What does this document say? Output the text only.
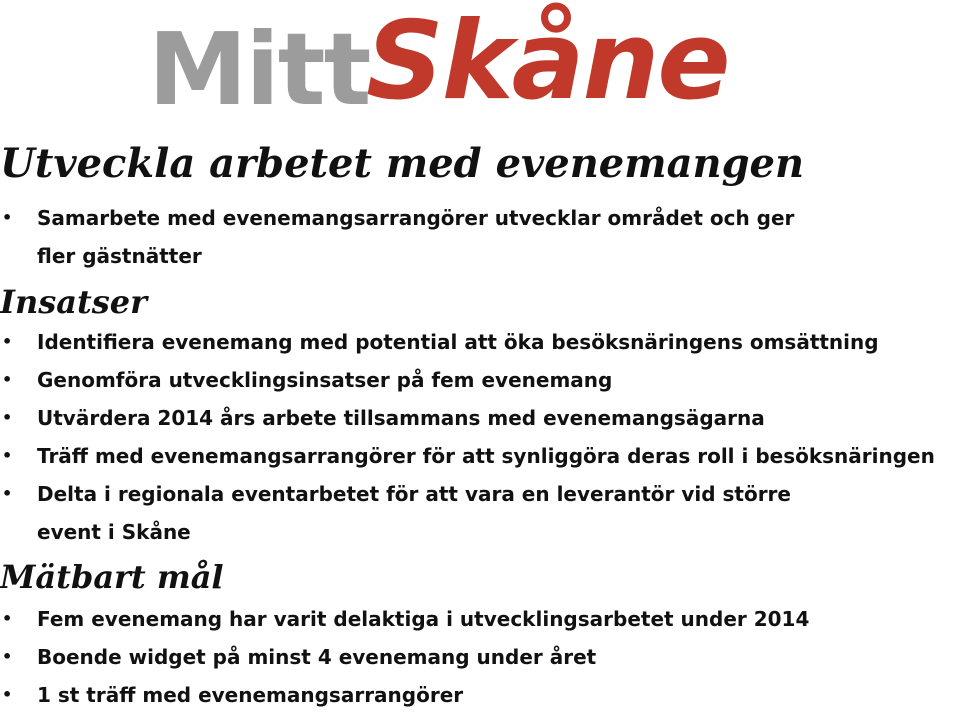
Mitt
Skåne
Utveckla arbetet med evenemangen
• Samarbete med evenemangsarrangörer utvecklar området och ger fler gästnätter
Insatser
• Identifiera evenemang med potential att öka besöksnäringens omsättning
• Genomföra utvecklingsinsatser på fem evenemang
• Utvärdera 2014 års arbete tillsammans med evenemangsägarna
• Träff med evenemangsarrangörer för att synliggöra deras roll i besöksnäringen
• Delta i regionala eventarbetet för att vara en leverantör vid större event i Skåne
Mätbart mål
• Fem evenemang har varit delaktiga i utvecklingsarbetet under 2014
• Boende widget på minst 4 evenemang under året
• 1 st träff med evenemangsarrangörer
